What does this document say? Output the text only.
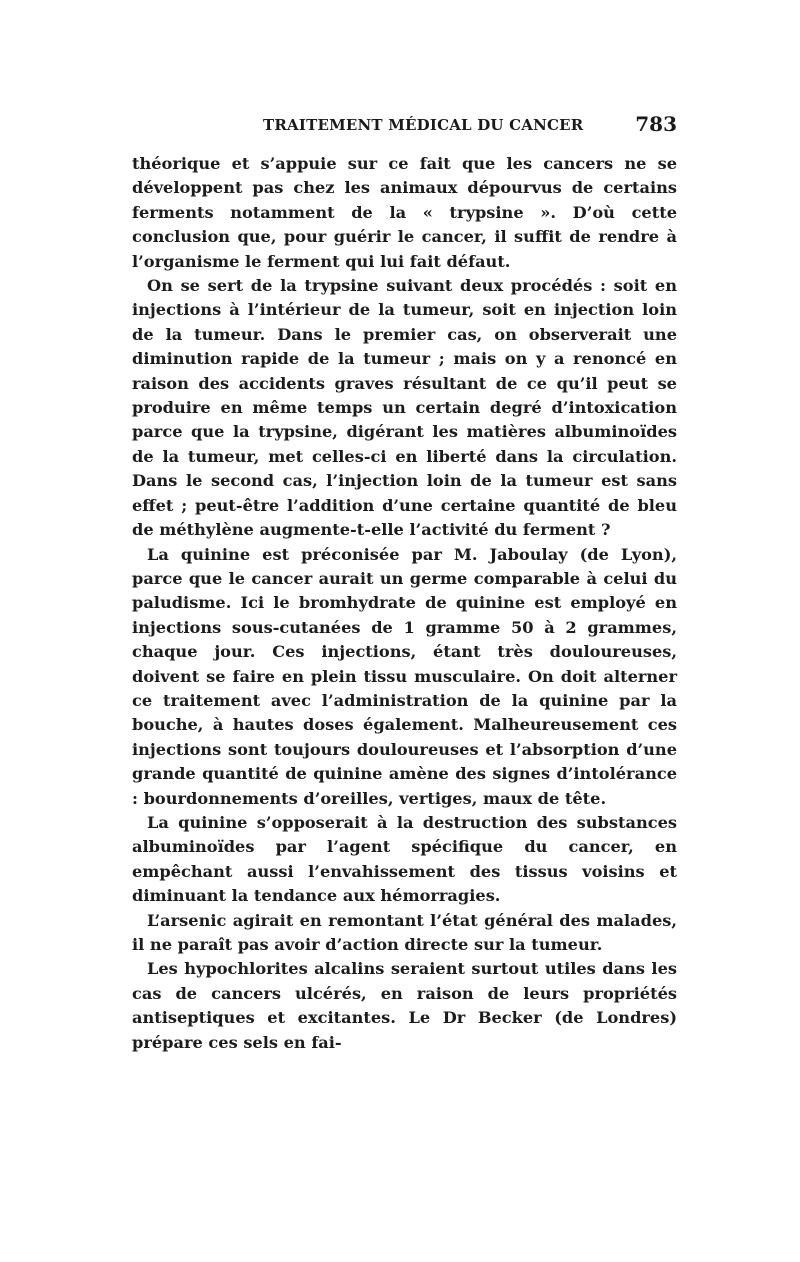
TRAITEMENT MÉDICAL DU CANCER	783

théorique et s’appuie sur ce fait que les cancers ne se développent pas chez les animaux dépourvus de certains ferments notamment de la « trypsine ». D’où cette conclusion que, pour guérir le cancer, il suffit de rendre à l’organisme le ferment qui lui fait défaut.

On se sert de la trypsine suivant deux procédés : soit en injections à l’intérieur de la tumeur, soit en injection loin de la tumeur. Dans le premier cas, on observerait une diminution rapide de la tumeur ; mais on y a renoncé en raison des accidents graves résultant de ce qu’il peut se produire en même temps un certain degré d’intoxication parce que la trypsine, digérant les matières albuminoïdes de la tumeur, met celles-ci en liberté dans la circulation. Dans le second cas, l’injection loin de la tumeur est sans effet ; peut-être l’addition d’une certaine quantité de bleu de méthylène augmente-t-elle l’activité du ferment ?

La quinine est préconisée par M. Jaboulay (de Lyon), parce que le cancer aurait un germe comparable à celui du paludisme. Ici le bromhydrate de quinine est employé en injections sous-cutanées de 1 gramme 50 à 2 grammes, chaque jour. Ces injections, étant très douloureuses, doivent se faire en plein tissu musculaire. On doit alterner ce traitement avec l’administration de la quinine par la bouche, à hautes doses également. Malheureusement ces injections sont toujours douloureuses et l’absorption d’une grande quantité de quinine amène des signes d’intolérance : bourdonnements d’oreilles, vertiges, maux de tête.

La quinine s’opposerait à la destruction des substances albuminoïdes par l’agent spécifique du cancer, en empêchant aussi l’envahissement des tissus voisins et diminuant la tendance aux hémorragies.

L’arsenic agirait en remontant l’état général des malades, il ne paraît pas avoir d’action directe sur la tumeur.

Les hypochlorites alcalins seraient surtout utiles dans les cas de cancers ulcérés, en raison de leurs propriétés antiseptiques et excitantes. Le Dr Becker (de Londres) prépare ces sels en fai-
